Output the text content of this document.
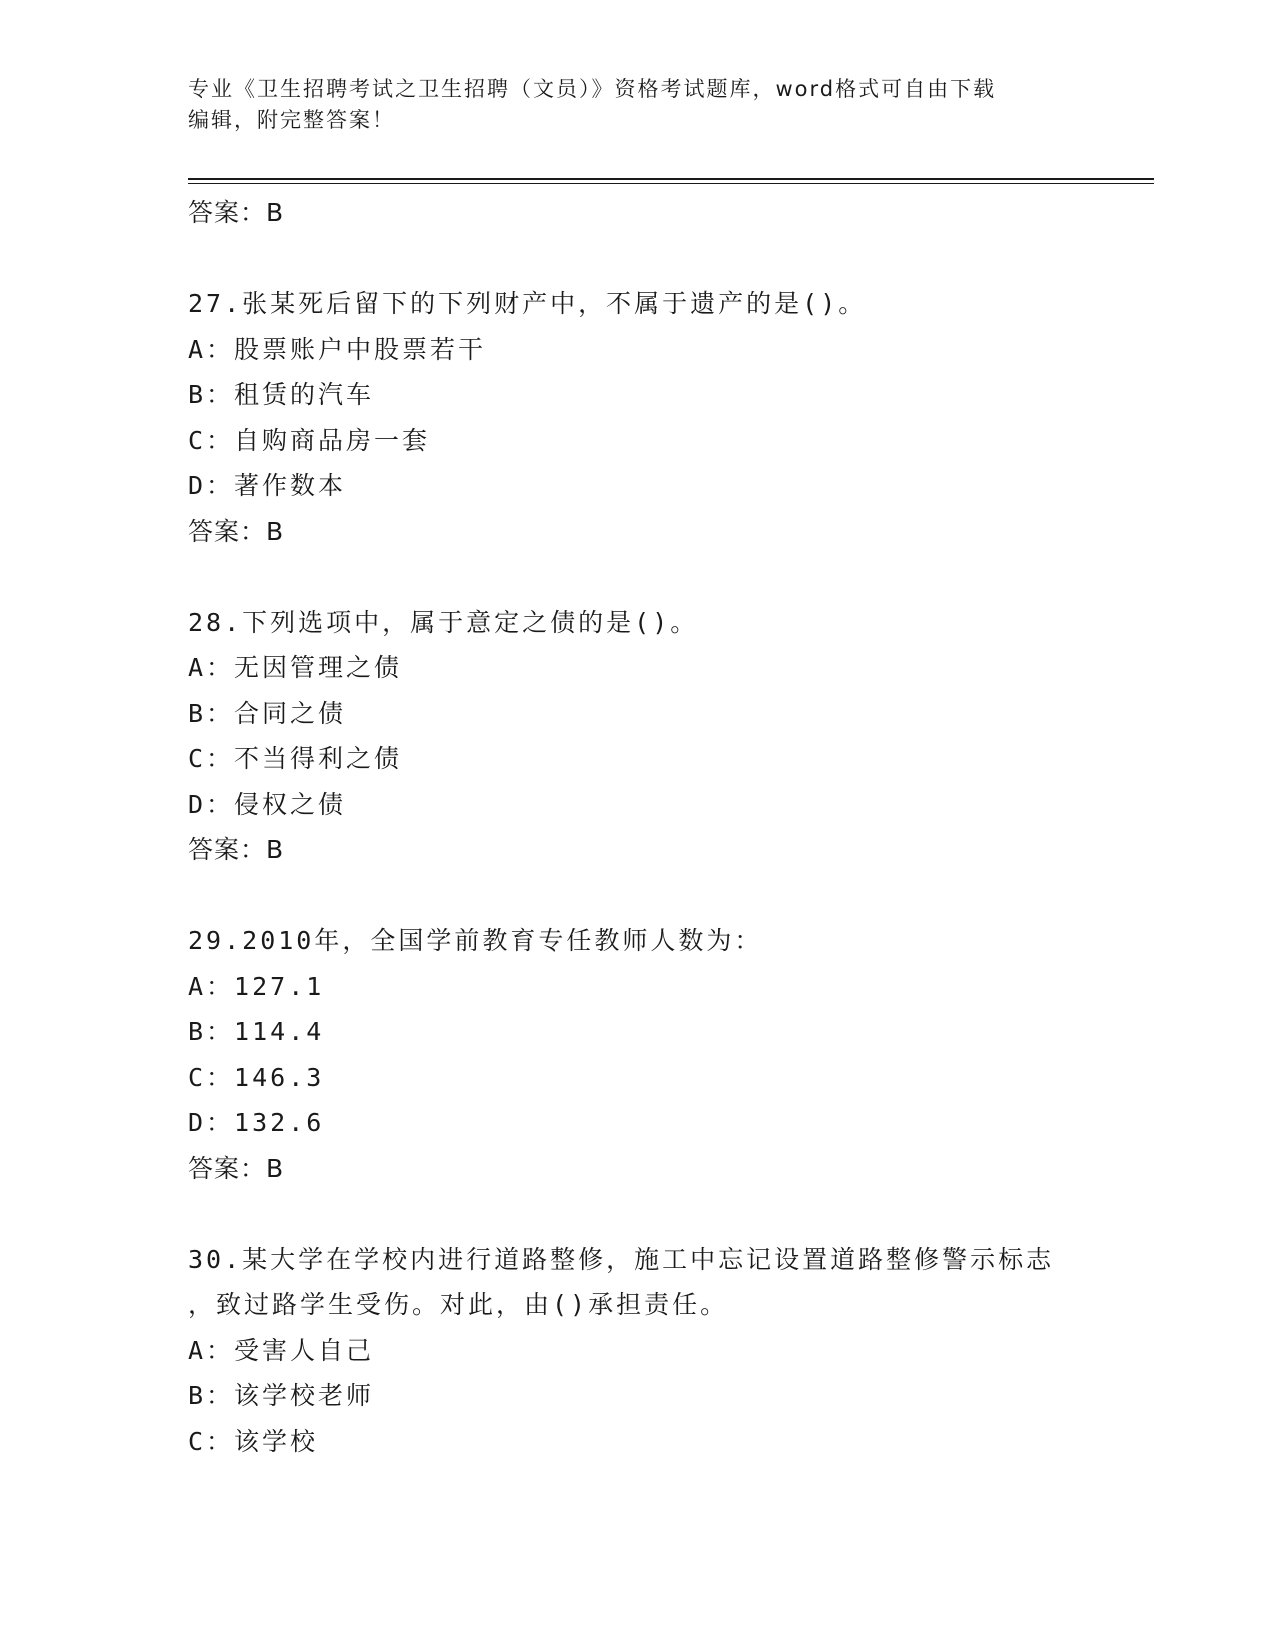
专业《卫生招聘考试之卫生招聘（文员）》资格考试题库，word格式可自由下载
编辑，附完整答案！
答案：B
27.张某死后留下的下列财产中，不属于遗产的是()。
A：股票账户中股票若干
B：租赁的汽车
C：自购商品房一套
D：著作数本
答案：B
28.下列选项中，属于意定之债的是()。
A：无因管理之债
B：合同之债
C：不当得利之债
D：侵权之债
答案：B
29.2010年，全国学前教育专任教师人数为：
A：127.1
B：114.4
C：146.3
D：132.6
答案：B
30.某大学在学校内进行道路整修，施工中忘记设置道路整修警示标志
，致过路学生受伤。对此，由()承担责任。
A：受害人自己
B：该学校老师
C：该学校
